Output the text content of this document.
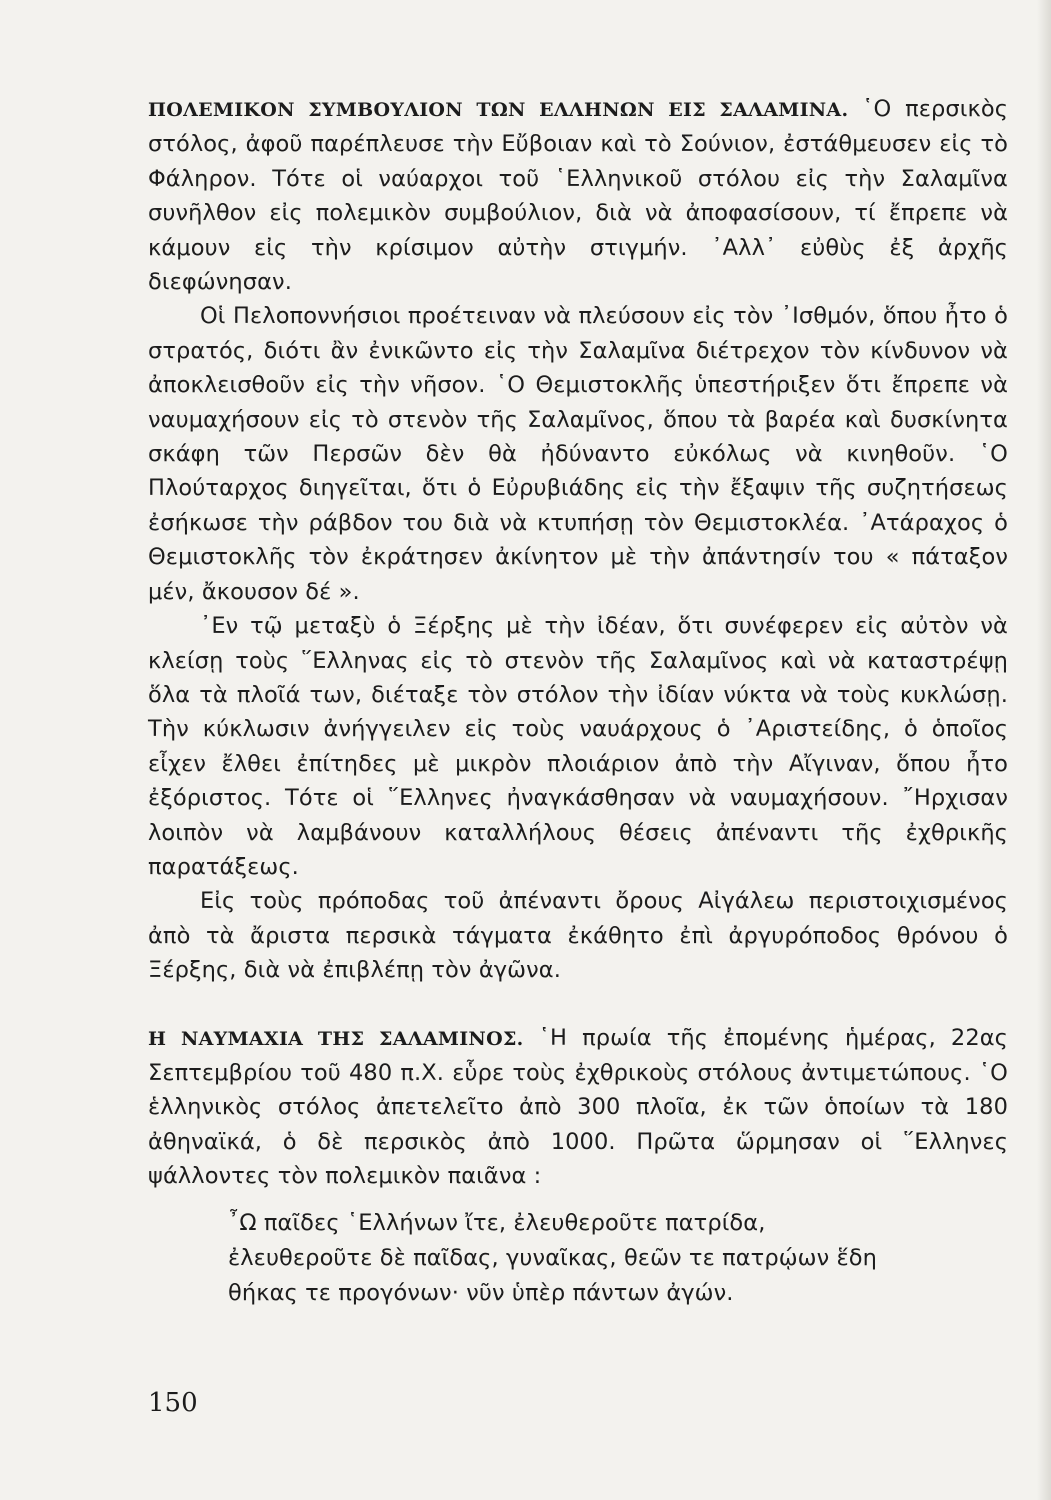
ΠΟΛΕΜΙΚΟΝ ΣΥΜΒΟΥΛΙΟΝ ΤΩΝ ΕΛΛΗΝΩΝ ΕΙΣ ΣΑΛΑΜΙΝΑ. ῾Ο περσικὸς στόλος, ἀφοῦ παρέπλευσε τὴν Εὔβοιαν καὶ τὸ Σούνιον, ἐστάθμευσεν εἰς τὸ Φάληρον. Τότε οἱ ναύαρχοι τοῦ ῾Ελληνικοῦ στόλου εἰς τὴν Σαλαμῖνα συνῆλθον εἰς πολεμικὸν συμβούλιον, διὰ νὰ ἀποφασίσουν, τί ἔπρεπε νὰ κάμουν εἰς τὴν κρίσιμον αὐτὴν στιγμήν. ᾿Αλλ᾿ εὐθὺς ἐξ ἀρχῆς διεφώνησαν.

Οἱ Πελοποννήσιοι προέτειναν νὰ πλεύσουν εἰς τὸν ᾿Ισθμόν, ὅπου ἦτο ὁ στρατός, διότι ἂν ἐνικῶντο εἰς τὴν Σαλαμῖνα διέτρεχον τὸν κίνδυνον νὰ ἀποκλεισθοῦν εἰς τὴν νῆσον. ῾Ο Θεμιστοκλῆς ὑπεστήριξεν ὅτι ἔπρεπε νὰ ναυμαχήσουν εἰς τὸ στενὸν τῆς Σαλαμῖνος, ὅπου τὰ βαρέα καὶ δυσκίνητα σκάφη τῶν Περσῶν δὲν θὰ ἠδύναντο εὐκόλως νὰ κινηθοῦν. ῾Ο Πλούταρχος διηγεῖται, ὅτι ὁ Εὐρυβιάδης εἰς τὴν ἔξαψιν τῆς συζητήσεως ἐσήκωσε τὴν ράβδον του διὰ νὰ κτυπήσῃ τὸν Θεμιστοκλέα. ᾿Ατάραχος ὁ Θεμιστοκλῆς τὸν ἐκράτησεν ἀκίνητον μὲ τὴν ἀπάντησίν του « πάταξον μέν, ἄκουσον δέ ».

᾿Εν τῷ μεταξὺ ὁ Ξέρξης μὲ τὴν ἰδέαν, ὅτι συνέφερεν εἰς αὐτὸν νὰ κλείσῃ τοὺς ῞Ελληνας εἰς τὸ στενὸν τῆς Σαλαμῖνος καὶ νὰ καταστρέψῃ ὅλα τὰ πλοῖά των, διέταξε τὸν στόλον τὴν ἰδίαν νύκτα νὰ τοὺς κυκλώσῃ. Τὴν κύκλωσιν ἀνήγγειλεν εἰς τοὺς ναυάρχους ὁ ᾿Αριστείδης, ὁ ὁποῖος εἶχεν ἔλθει ἐπίτηδες μὲ μικρὸν πλοιάριον ἀπὸ τὴν Αἴγιναν, ὅπου ἦτο ἐξόριστος. Τότε οἱ ῞Ελληνες ἠναγκάσθησαν νὰ ναυμαχήσουν. ῎Ηρχισαν λοιπὸν νὰ λαμβάνουν καταλλήλους θέσεις ἀπέναντι τῆς ἐχθρικῆς παρατάξεως.

Εἰς τοὺς πρόποδας τοῦ ἀπέναντι ὄρους Αἰγάλεω περιστοιχισμένος ἀπὸ τὰ ἄριστα περσικὰ τάγματα ἐκάθητο ἐπὶ ἀργυρόποδος θρόνου ὁ Ξέρξης, διὰ νὰ ἐπιβλέπῃ τὸν ἀγῶνα.

Η ΝΑΥΜΑΧΙΑ ΤΗΣ ΣΑΛΑΜΙΝΟΣ. ῾Η πρωία τῆς ἐπομένης ἡμέρας, 22ας Σεπτεμβρίου τοῦ 480 π.Χ. εὗρε τοὺς ἐχθρικοὺς στόλους ἀντιμετώπους. ῾Ο ἑλληνικὸς στόλος ἀπετελεῖτο ἀπὸ 300 πλοῖα, ἐκ τῶν ὁποίων τὰ 180 ἀθηναϊκά, ὁ δὲ περσικὸς ἀπὸ 1000. Πρῶτα ὥρμησαν οἱ ῞Ελληνες ψάλλοντες τὸν πολεμικὸν παιᾶνα :

῏Ω παῖδες ῾Ελλήνων ἴτε, ἐλευθεροῦτε πατρίδα,
ἐλευθεροῦτε δὲ παῖδας, γυναῖκας, θεῶν τε πατρῴων ἕδη
θήκας τε προγόνων· νῦν ὑπὲρ πάντων ἀγών.
150
